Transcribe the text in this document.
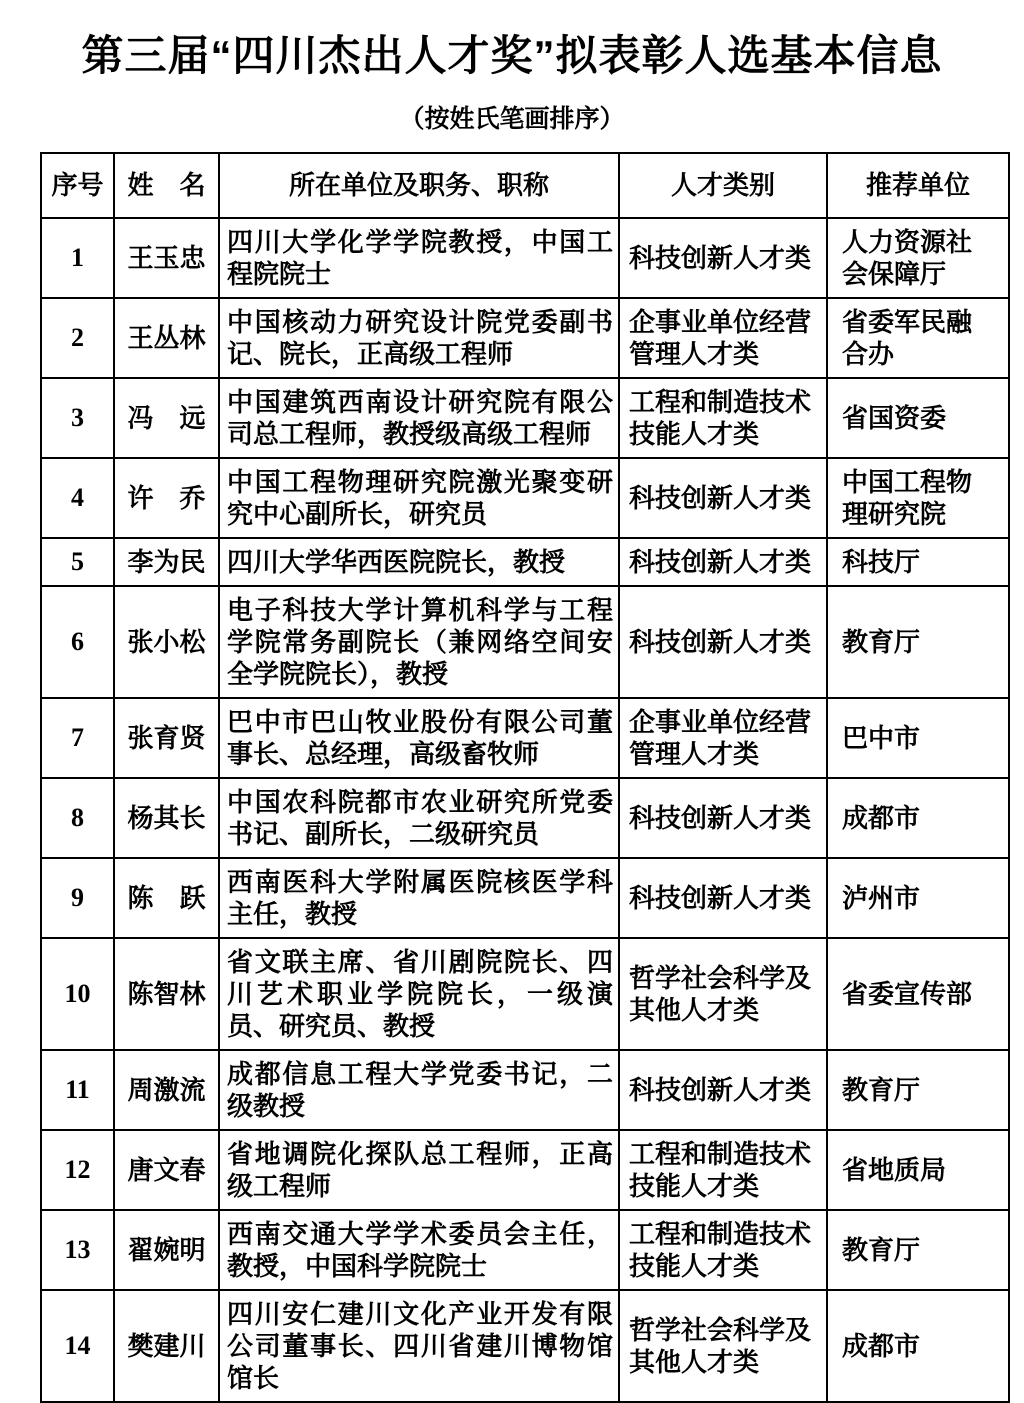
第三届“四川杰出人才奖”拟表彰人选基本信息
（按姓氏笔画排序）
序号	姓　名	所在单位及职务、职称	人才类别	推荐单位
1	王玉忠	四川大学化学学院教授，中国工程院院士	科技创新人才类	人力资源社会保障厅
2	王丛林	中国核动力研究设计院党委副书记、院长，正高级工程师	企事业单位经营管理人才类	省委军民融合办
3	冯　远	中国建筑西南设计研究院有限公司总工程师，教授级高级工程师	工程和制造技术技能人才类	省国资委
4	许　乔	中国工程物理研究院激光聚变研究中心副所长，研究员	科技创新人才类	中国工程物理研究院
5	李为民	四川大学华西医院院长，教授	科技创新人才类	科技厅
6	张小松	电子科技大学计算机科学与工程学院常务副院长（兼网络空间安全学院院长），教授	科技创新人才类	教育厅
7	张育贤	巴中市巴山牧业股份有限公司董事长、总经理，高级畜牧师	企事业单位经营管理人才类	巴中市
8	杨其长	中国农科院都市农业研究所党委书记、副所长，二级研究员	科技创新人才类	成都市
9	陈　跃	西南医科大学附属医院核医学科主任，教授	科技创新人才类	泸州市
10	陈智林	省文联主席、省川剧院院长、四川艺术职业学院院长，一级演员、研究员、教授	哲学社会科学及其他人才类	省委宣传部
11	周激流	成都信息工程大学党委书记，二级教授	科技创新人才类	教育厅
12	唐文春	省地调院化探队总工程师，正高级工程师	工程和制造技术技能人才类	省地质局
13	翟婉明	西南交通大学学术委员会主任，教授，中国科学院院士	工程和制造技术技能人才类	教育厅
14	樊建川	四川安仁建川文化产业开发有限公司董事长、四川省建川博物馆馆长	哲学社会科学及其他人才类	成都市
